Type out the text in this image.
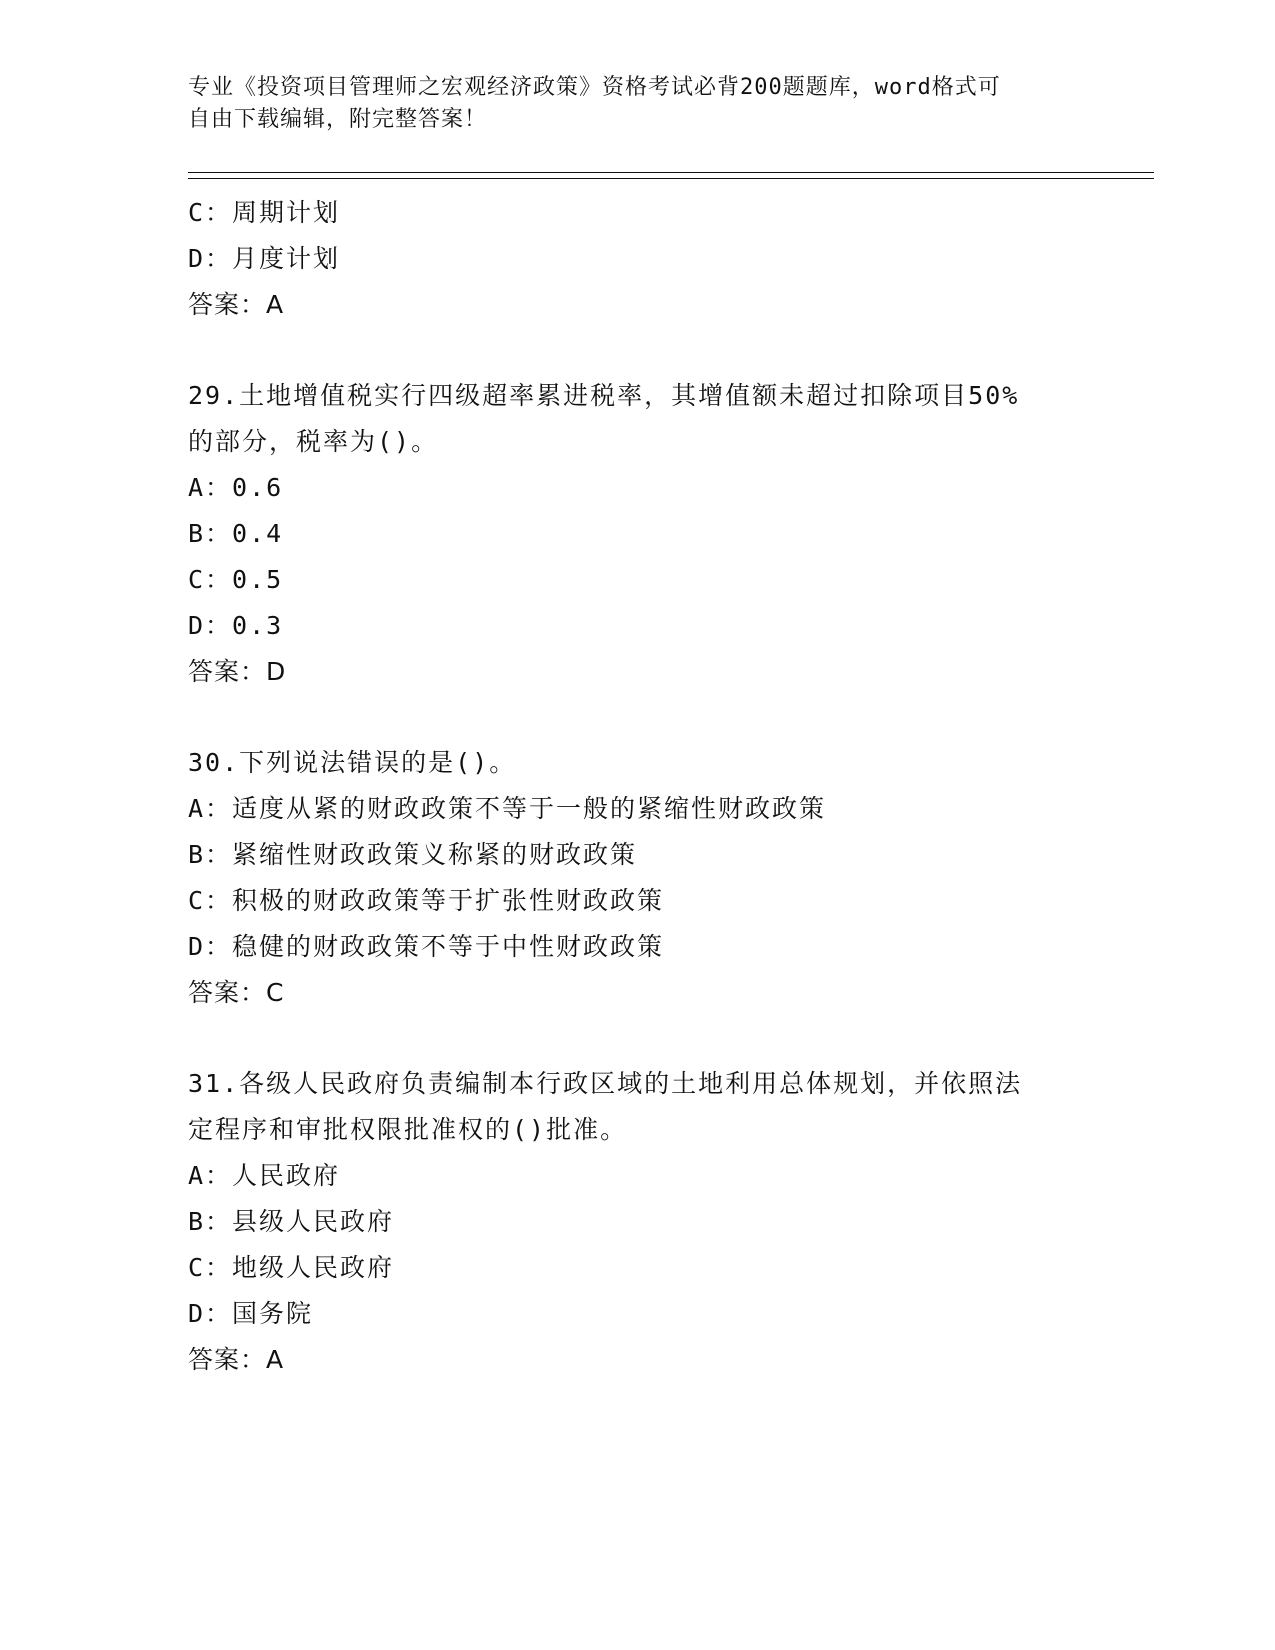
专业《投资项目管理师之宏观经济政策》资格考试必背200题题库，word格式可
自由下载编辑，附完整答案！
C：周期计划
D：月度计划
答案：A
29.土地增值税实行四级超率累进税率，其增值额未超过扣除项目50%
的部分，税率为()。
A：0.6
B：0.4
C：0.5
D：0.3
答案：D
30.下列说法错误的是()。
A：适度从紧的财政政策不等于一般的紧缩性财政政策
B：紧缩性财政政策义称紧的财政政策
C：积极的财政政策等于扩张性财政政策
D：稳健的财政政策不等于中性财政政策
答案：C
31.各级人民政府负责编制本行政区域的土地利用总体规划，并依照法
定程序和审批权限批准权的()批准。
A：人民政府
B：县级人民政府
C：地级人民政府
D：国务院
答案：A
